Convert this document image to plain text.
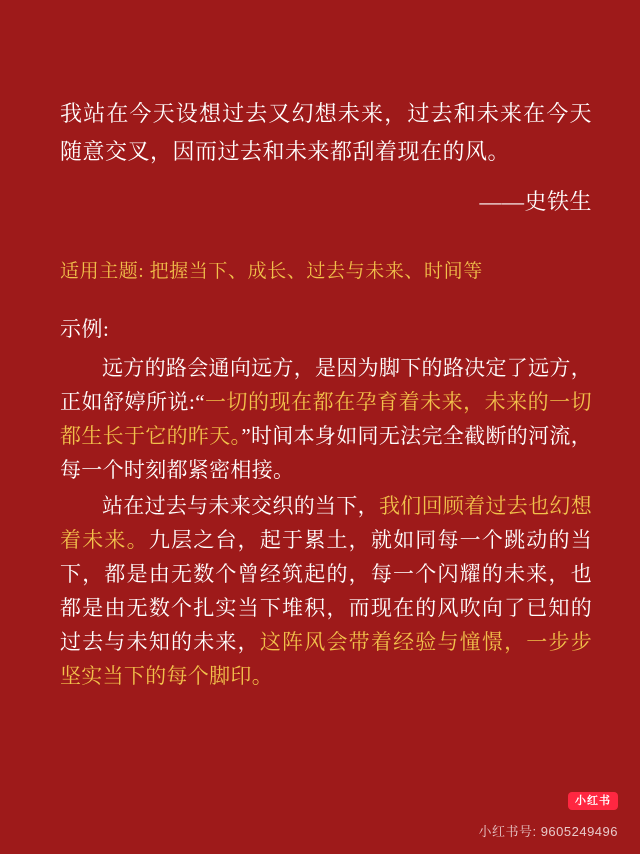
我站在今天设想过去又幻想未来，过去和未来在今天随意交叉，因而过去和未来都刮着现在的风。
——史铁生
适用主题: 把握当下、成长、过去与未来、时间等
示例:

远方的路会通向远方，是因为脚下的路决定了远方，正如舒婷所说:“一切的现在都在孕育着未来，未来的一切都生长于它的昨天。”时间本身如同无法完全截断的河流，每一个时刻都紧密相接。

站在过去与未来交织的当下，我们回顾着过去也幻想着未来。九层之台，起于累土，就如同每一个跳动的当下，都是由无数个曾经筑起的，每一个闪耀的未来，也都是由无数个扎实当下堆积，而现在的风吹向了已知的过去与未知的未来，这阵风会带着经验与憧憬，一步步坚实当下的每个脚印。

小红书
小红书号: 9605249496
